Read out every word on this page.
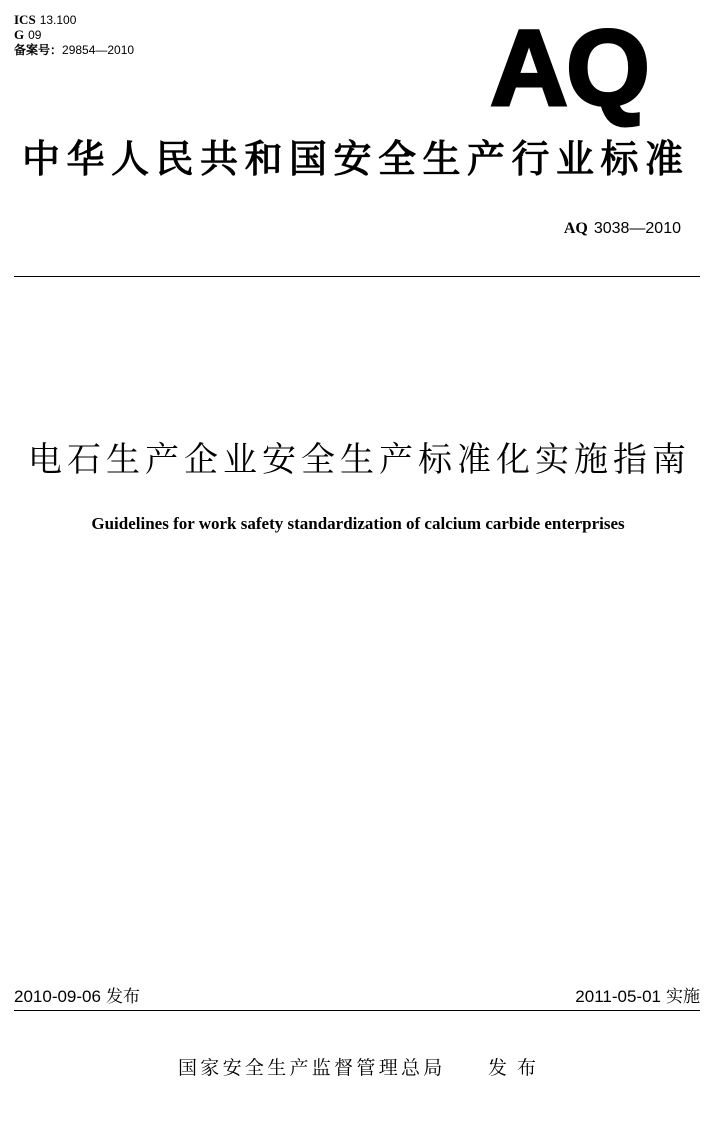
ICS 13.100
G 09
备案号：29854—2010	AQ
中华人民共和国安全生产行业标准
AQ 3038—2010
电石生产企业安全生产标准化实施指南
Guidelines for work safety standardization of calcium carbide enterprises
2010-09-06 发布	2011-05-01 实施
国家安全生产监督管理总局 发 布
